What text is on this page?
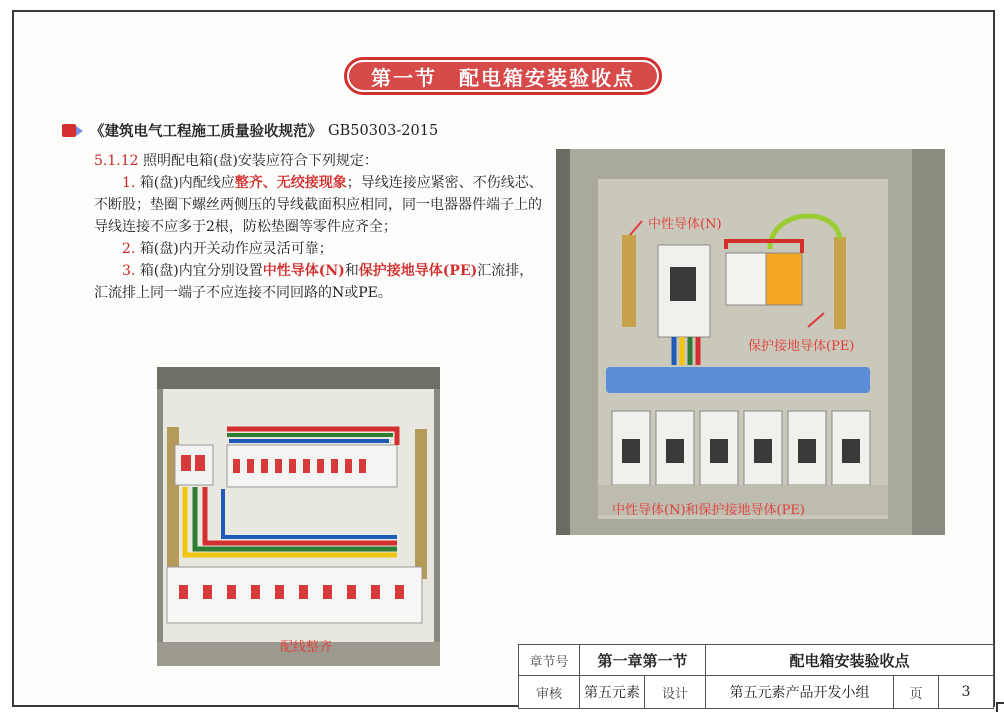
第一节　配电箱安装验收点
《建筑电气工程施工质量验收规范》 GB50303-2015

5.1.12 照明配电箱(盘)安装应符合下列规定：

1. 箱(盘)内配线应整齐、无绞接现象；导线连接应紧密、不伤线芯、不断股；垫圈下螺丝两侧压的导线截面积应相同，同一电器器件端子上的导线连接不应多于2根，防松垫圈等零件应齐全；

2. 箱(盘)内开关动作应灵活可靠；

3. 箱(盘)内宜分别设置中性导体(N)和保护接地导体(PE)汇流排，汇流排上同一端子不应连接不同回路的N或PE。

配线整齐
中性导体(N)
保护接地导体(PE)
中性导体(N)和保护接地导体(PE)
章节号	第一章第一节		配电箱安装验收点		
审核	第五元素	设计	第五元素产品开发小组	页	3
